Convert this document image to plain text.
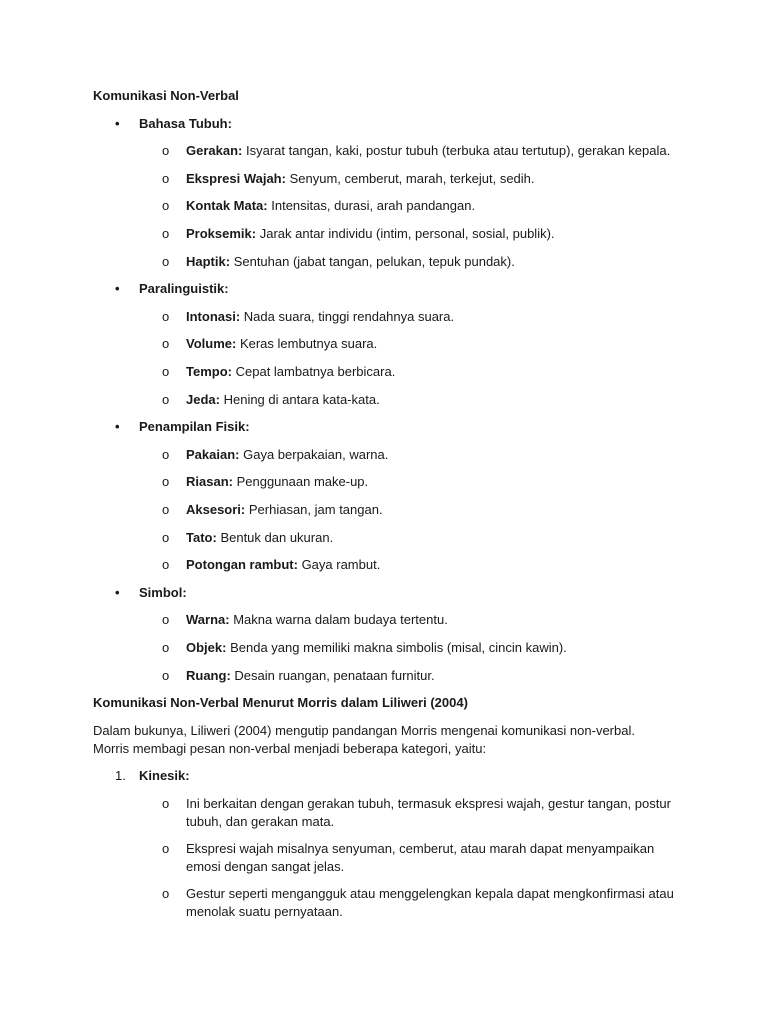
Komunikasi Non-Verbal
• Bahasa Tubuh:
o Gerakan: Isyarat tangan, kaki, postur tubuh (terbuka atau tertutup), gerakan kepala.
o Ekspresi Wajah: Senyum, cemberut, marah, terkejut, sedih.
o Kontak Mata: Intensitas, durasi, arah pandangan.
o Proksemik: Jarak antar individu (intim, personal, sosial, publik).
o Haptik: Sentuhan (jabat tangan, pelukan, tepuk pundak).
• Paralinguistik:
o Intonasi: Nada suara, tinggi rendahnya suara.
o Volume: Keras lembutnya suara.
o Tempo: Cepat lambatnya berbicara.
o Jeda: Hening di antara kata-kata.
• Penampilan Fisik:
o Pakaian: Gaya berpakaian, warna.
o Riasan: Penggunaan make-up.
o Aksesori: Perhiasan, jam tangan.
o Tato: Bentuk dan ukuran.
o Potongan rambut: Gaya rambut.
• Simbol:
o Warna: Makna warna dalam budaya tertentu.
o Objek: Benda yang memiliki makna simbolis (misal, cincin kawin).
o Ruang: Desain ruangan, penataan furnitur.
Komunikasi Non-Verbal Menurut Morris dalam Liliweri (2004)
Dalam bukunya, Liliweri (2004) mengutip pandangan Morris mengenai komunikasi non-verbal.
Morris membagi pesan non-verbal menjadi beberapa kategori, yaitu:
1. Kinesik:
o Ini berkaitan dengan gerakan tubuh, termasuk ekspresi wajah, gestur tangan, postur
tubuh, dan gerakan mata.
o Ekspresi wajah misalnya senyuman, cemberut, atau marah dapat menyampaikan
emosi dengan sangat jelas.
o Gestur seperti mengangguk atau menggelengkan kepala dapat mengkonfirmasi atau
menolak suatu pernyataan.
